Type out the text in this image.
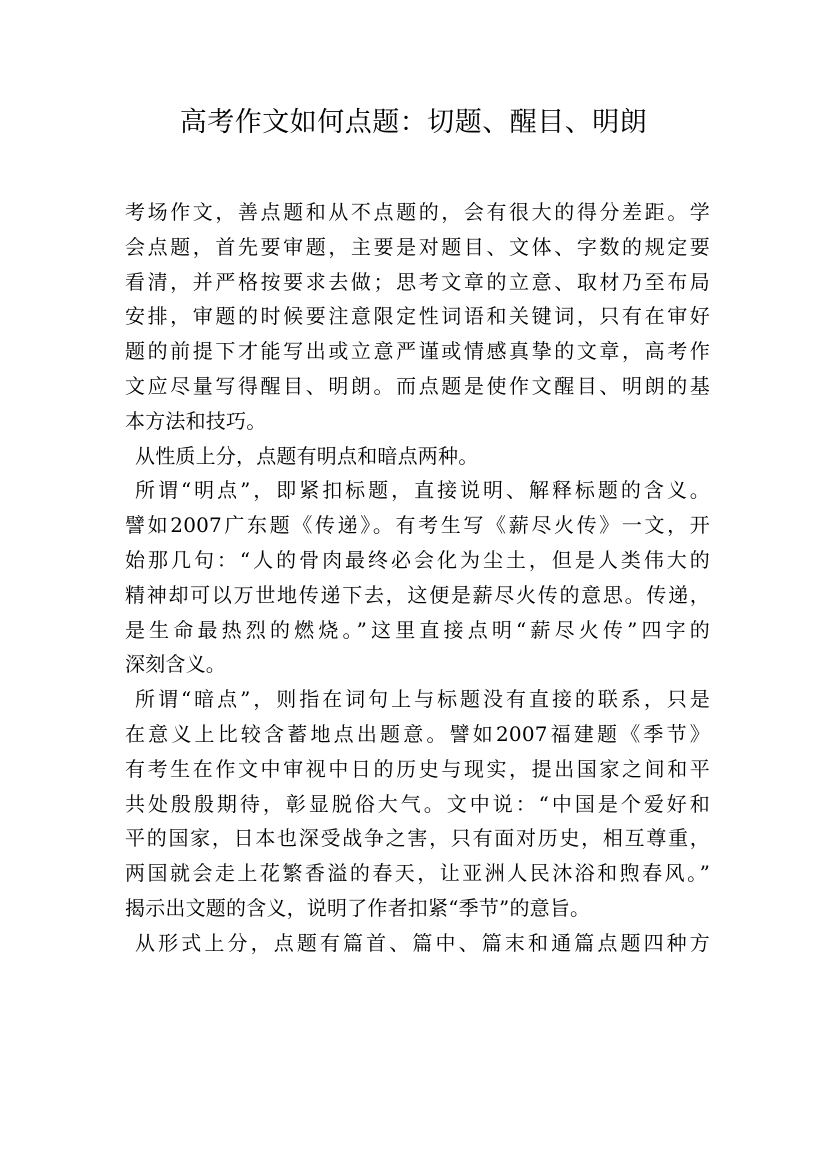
高考作文如何点题：切题、醒目、明朗
考场作文，善点题和从不点题的，会有很大的得分差距。学
会点题，首先要审题，主要是对题目、文体、字数的规定要
看清，并严格按要求去做；思考文章的立意、取材乃至布局
安排，审题的时候要注意限定性词语和关键词，只有在审好
题的前提下才能写出或立意严谨或情感真挚的文章，高考作
文应尽量写得醒目、明朗。而点题是使作文醒目、明朗的基
本方法和技巧。
从性质上分，点题有明点和暗点两种。
所谓“明点”，即紧扣标题，直接说明、解释标题的含义。
譬如2007广东题《传递》。有考生写《薪尽火传》一文，开
始那几句：“人的骨肉最终必会化为尘土，但是人类伟大的
精神却可以万世地传递下去，这便是薪尽火传的意思。传递，
是生命最热烈的燃烧。”这里直接点明“薪尽火传”四字的
深刻含义。
所谓“暗点”，则指在词句上与标题没有直接的联系，只是
在意义上比较含蓄地点出题意。譬如2007福建题《季节》
有考生在作文中审视中日的历史与现实，提出国家之间和平
共处殷殷期待，彰显脱俗大气。文中说：“中国是个爱好和
平的国家，日本也深受战争之害，只有面对历史，相互尊重，
两国就会走上花繁香溢的春天，让亚洲人民沐浴和煦春风。”
揭示出文题的含义，说明了作者扣紧“季节”的意旨。
从形式上分，点题有篇首、篇中、篇末和通篇点题四种方
